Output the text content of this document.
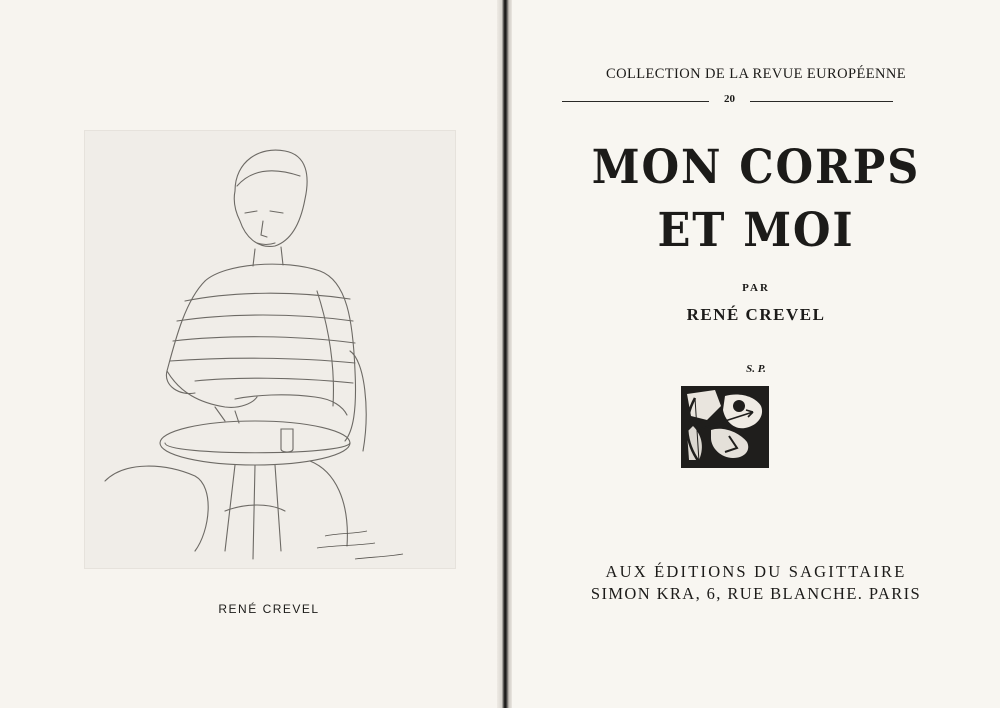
RENÉ CREVEL
COLLECTION DE LA REVUE EUROPÉENNE
20
MON CORPS
ET MOI
PAR
RENÉ CREVEL
S. P.
AUX ÉDITIONS DU SAGITTAIRE
SIMON KRA, 6, RUE BLANCHE. PARIS
